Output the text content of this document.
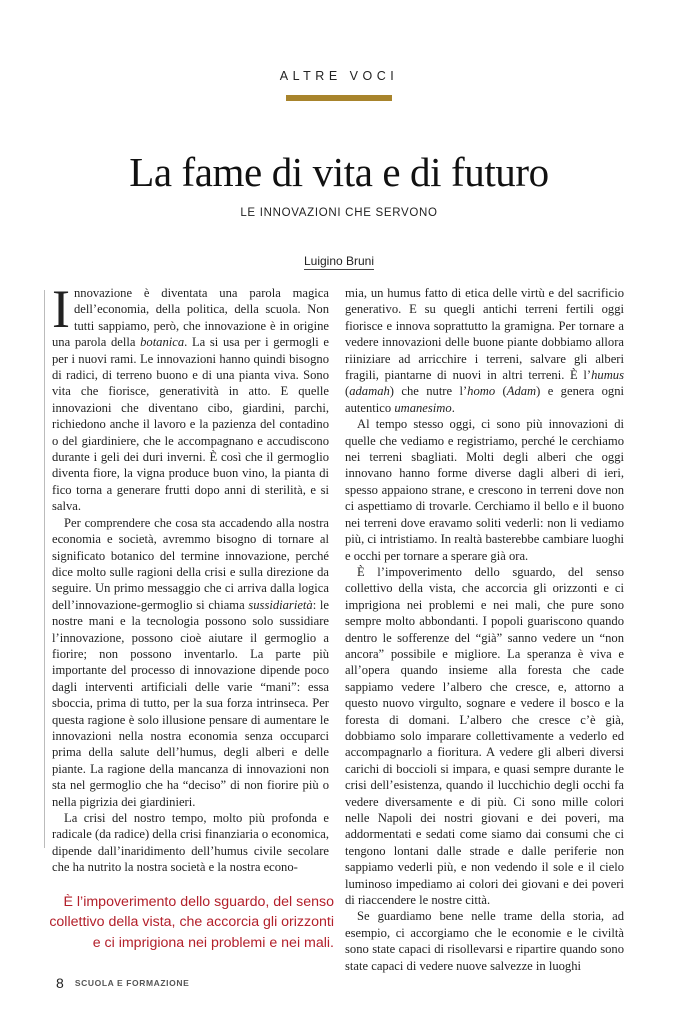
ALTRE VOCI
La fame di vita e di futuro
LE INNOVAZIONI CHE SERVONO
Luigino Bruni

Innovazione è diventata una parola magica dell’economia, della politica, della scuola. Non tutti sappiamo, però, che innovazione è in origine una parola della botanica. La si usa per i germogli e per i nuovi rami. Le innovazioni hanno quindi bisogno di radici, di terreno buono e di una pianta viva. Sono vita che fiorisce, generatività in atto. E quelle innovazioni che diventano cibo, giardini, parchi, richiedono anche il lavoro e la pazienza del contadino o del giardiniere, che le accompagnano e accudiscono durante i geli dei duri inverni. È così che il germoglio diventa fiore, la vigna produce buon vino, la pianta di fico torna a generare frutti dopo anni di sterilità, e si salva.

Per comprendere che cosa sta accadendo alla nostra economia e società, avremmo bisogno di tornare al significato botanico del termine innovazione, perché dice molto sulle ragioni della crisi e sulla direzione da seguire. Un primo messaggio che ci arriva dalla logica dell’innovazione-germoglio si chiama sussidiarietà: le nostre mani e la tecnologia possono solo sussidiare l’innovazione, possono cioè aiutare il germoglio a fiorire; non possono inventarlo. La parte più importante del processo di innovazione dipende poco dagli interventi artificiali delle varie “mani”: essa sboccia, prima di tutto, per la sua forza intrinseca. Per questa ragione è solo illusione pensare di aumentare le innovazioni nella nostra economia senza occuparci prima della salute dell’humus, degli alberi e delle piante. La ragione della mancanza di innovazioni non sta nel germoglio che ha “deciso” di non fiorire più o nella pigrizia dei giardinieri.

La crisi del nostro tempo, molto più profonda e radicale (da radice) della crisi finanziaria o economica, dipende dall’inaridimento dell’humus civile secolare che ha nutrito la nostra società e la nostra econo-

mia, un humus fatto di etica delle virtù e del sacrificio generativo. E su quegli antichi terreni fertili oggi fiorisce e innova soprattutto la gramigna. Per tornare a vedere innovazioni delle buone piante dobbiamo allora riiniziare ad arricchire i terreni, salvare gli alberi fragili, piantarne di nuovi in altri terreni. È l’humus (adamah) che nutre l’homo (Adam) e genera ogni autentico umanesimo.

Al tempo stesso oggi, ci sono più innovazioni di quelle che vediamo e registriamo, perché le cerchiamo nei terreni sbagliati. Molti degli alberi che oggi innovano hanno forme diverse dagli alberi di ieri, spesso appaiono strane, e crescono in terreni dove non ci aspettiamo di trovarle. Cerchiamo il bello e il buono nei terreni dove eravamo soliti vederli: non li vediamo più, ci intristiamo. In realtà basterebbe cambiare luoghi e occhi per tornare a sperare già ora.

È l’impoverimento dello sguardo, del senso collettivo della vista, che accorcia gli orizzonti e ci imprigiona nei problemi e nei mali, che pure sono sempre molto abbondanti. I popoli guariscono quando dentro le sofferenze del “già” sanno vedere un “non ancora” possibile e migliore. La speranza è viva e all’opera quando insieme alla foresta che cade sappiamo vedere l’albero che cresce, e, attorno a questo nuovo virgulto, sognare e vedere il bosco e la foresta di domani. L’albero che cresce c’è già, dobbiamo solo imparare collettivamente a vederlo ed accompagnarlo a fioritura. A vedere gli alberi diversi carichi di boccioli si impara, e quasi sempre durante le crisi dell’esistenza, quando il lucchichio degli occhi fa vedere diversamente e di più. Ci sono mille colori nelle Napoli dei nostri giovani e dei poveri, ma addormentati e sedati come siamo dai consumi che ci tengono lontani dalle strade e dalle periferie non sappiamo vederli più, e non vedendo il sole e il cielo luminoso impediamo ai colori dei giovani e dei poveri di riaccendere le nostre città.

Se guardiamo bene nelle trame della storia, ad esempio, ci accorgiamo che le economie e le civiltà sono state capaci di risollevarsi e ripartire quando sono state capaci di vedere nuove salvezze in luoghi

È l’impoverimento dello sguardo, del senso collettivo della vista, che accorcia gli orizzonti e ci imprigiona nei problemi e nei mali.
8 SCUOLA E FORMAZIONE
